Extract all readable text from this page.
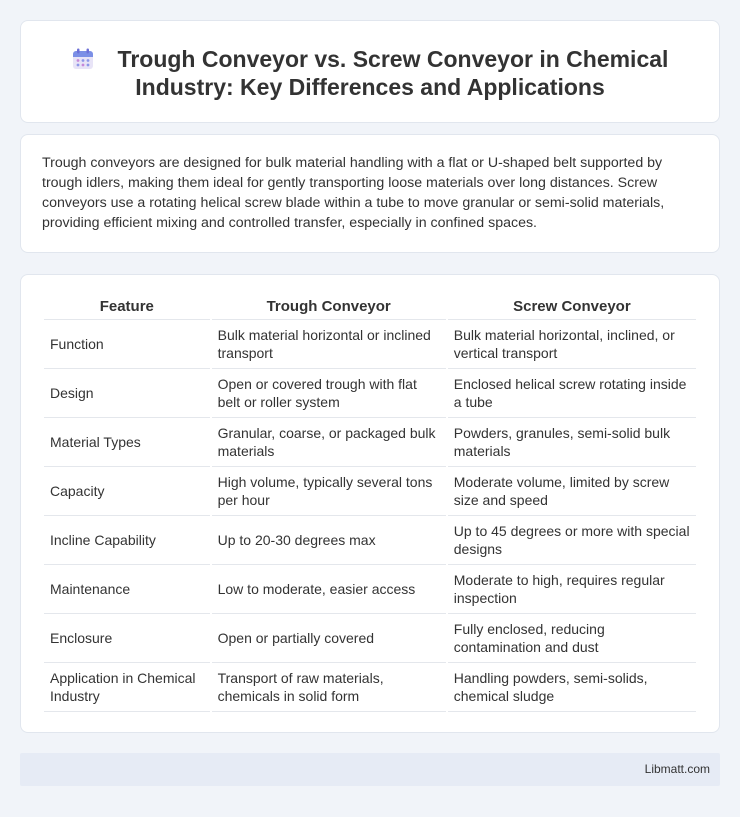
Trough Conveyor vs. Screw Conveyor in Chemical Industry: Key Differences and Applications

Trough conveyors are designed for bulk material handling with a flat or U-shaped belt supported by trough idlers, making them ideal for gently transporting loose materials over long distances. Screw conveyors use a rotating helical screw blade within a tube to move granular or semi-solid materials, providing efficient mixing and controlled transfer, especially in confined spaces.

Feature	Trough Conveyor	Screw Conveyor
Function	Bulk material horizontal or inclined transport	Bulk material horizontal, inclined, or vertical transport
Design	Open or covered trough with flat belt or roller system	Enclosed helical screw rotating inside a tube
Material Types	Granular, coarse, or packaged bulk materials	Powders, granules, semi-solid bulk materials
Capacity	High volume, typically several tons per hour	Moderate volume, limited by screw size and speed
Incline Capability	Up to 20-30 degrees max	Up to 45 degrees or more with special designs
Maintenance	Low to moderate, easier access	Moderate to high, requires regular inspection
Enclosure	Open or partially covered	Fully enclosed, reducing contamination and dust
Application in Chemical Industry	Transport of raw materials, chemicals in solid form	Handling powders, semi-solids, chemical sludge
Libmatt.com
